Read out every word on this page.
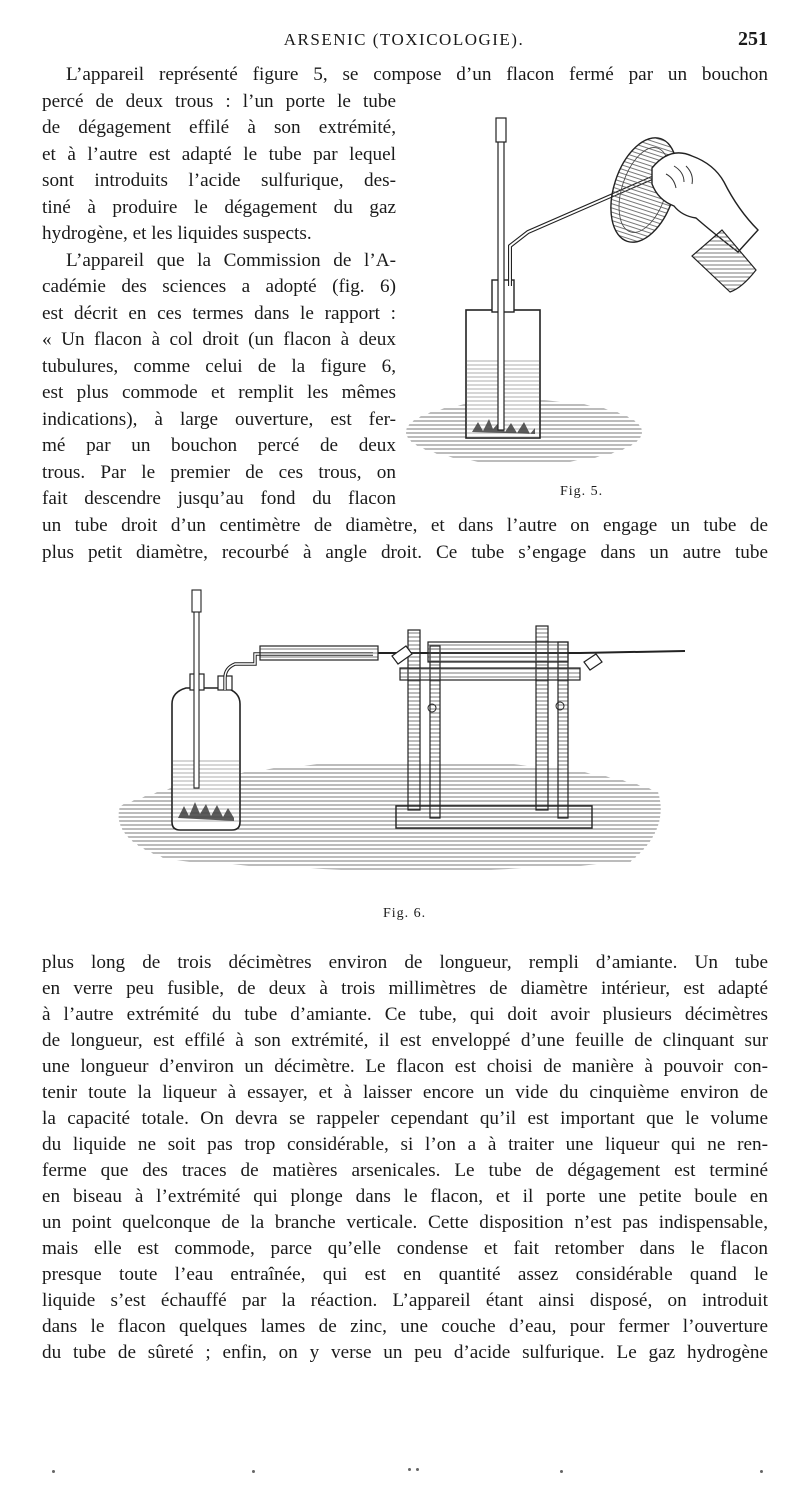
ARSENIC (TOXICOLOGIE).	251
L’appareil représenté figure 5, se compose d’un flacon fermé par un bouchon
percé de deux trous : l’un porte le tube
de dégagement effilé à son extrémité,
et à l’autre est adapté le tube par lequel
sont introduits l’acide sulfurique, des-
tiné à produire le dégagement du gaz
hydrogène, et les liquides suspects.
L’appareil que la Commission de l’A-
cadémie des sciences a adopté (fig. 6)
est décrit en ces termes dans le rapport :
« Un flacon à col droit (un flacon à deux
tubulures, comme celui de la figure 6,
est plus commode et remplit les mêmes
indications), à large ouverture, est fer-
mé par un bouchon percé de deux
trous. Par le premier de ces trous, on
fait descendre jusqu’au fond du flacon	Fig. 5.
un tube droit d’un centimètre de diamètre, et dans l’autre on engage un tube de
plus petit diamètre, recourbé à angle droit. Ce tube s’engage dans un autre tube
Fig. 6.
plus long de trois décimètres environ de longueur, rempli d’amiante. Un tube
en verre peu fusible, de deux à trois millimètres de diamètre intérieur, est adapté
à l’autre extrémité du tube d’amiante. Ce tube, qui doit avoir plusieurs décimètres
de longueur, est effilé à son extrémité, il est enveloppé d’une feuille de clinquant sur
une longueur d’environ un décimètre. Le flacon est choisi de manière à pouvoir con-
tenir toute la liqueur à essayer, et à laisser encore un vide du cinquième environ de
la capacité totale. On devra se rappeler cependant qu’il est important que le volume
du liquide ne soit pas trop considérable, si l’on a à traiter une liqueur qui ne ren-
ferme que des traces de matières arsenicales. Le tube de dégagement est terminé
en biseau à l’extrémité qui plonge dans le flacon, et il porte une petite boule en
un point quelconque de la branche verticale. Cette disposition n’est pas indispensable,
mais elle est commode, parce qu’elle condense et fait retomber dans le flacon
presque toute l’eau entraînée, qui est en quantité assez considérable quand le
liquide s’est échauffé par la réaction. L’appareil étant ainsi disposé, on introduit
dans le flacon quelques lames de zinc, une couche d’eau, pour fermer l’ouverture
du tube de sûreté ; enfin, on y verse un peu d’acide sulfurique. Le gaz hydrogène
